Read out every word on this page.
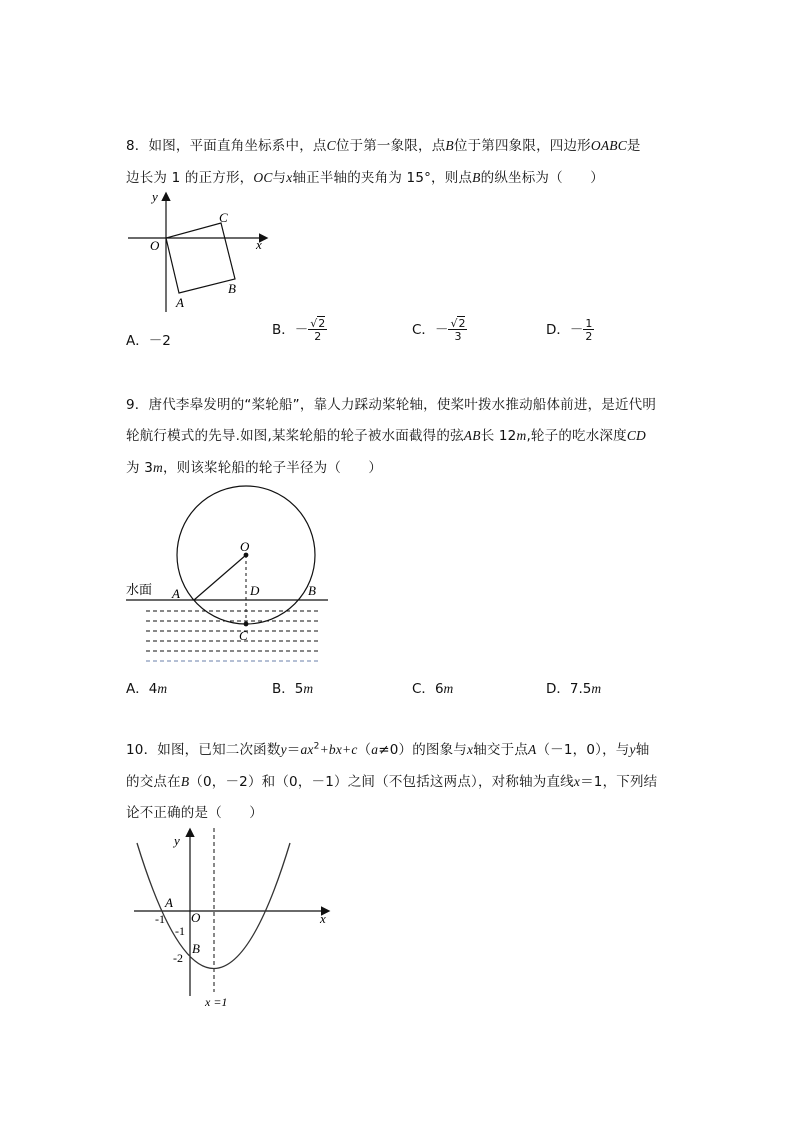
8．如图，平面直角坐标系中，点C位于第一象限，点B位于第四象限，四边形OABC是
边长为 1 的正方形，OC与x轴正半轴的夹角为 15°，则点B的纵坐标为（　　）
y
x
O
A
B
C
A．－2
B．－ $\frac{√2}{2}$	C．－ $\frac{√2}{3}$	D．－ $\frac{1}{2}$
9．唐代李皋发明的“桨轮船”，靠人力踩动桨轮轴，使桨叶拨水推动船体前进，是近代明
轮航行模式的先导.如图,某桨轮船的轮子被水面截得的弦AB长 12m,轮子的吃水深度CD
为 3m，则该桨轮船的轮子半径为（　　）
水面
O
A	D	B
C
A．4m	B．5m	C．6m	D．7.5m
10．如图，已知二次函数$y=ax^2+bx+c(a\ne 0)$的图象与x轴交于点A（－1，0），与y轴
的交点在B（0，－2）和（0，－1）之间（不包括这两点），对称轴为直线x＝1，下列结
论不正确的是（　　）
y
x
O
A
B
-1
-1
-2
x =1
